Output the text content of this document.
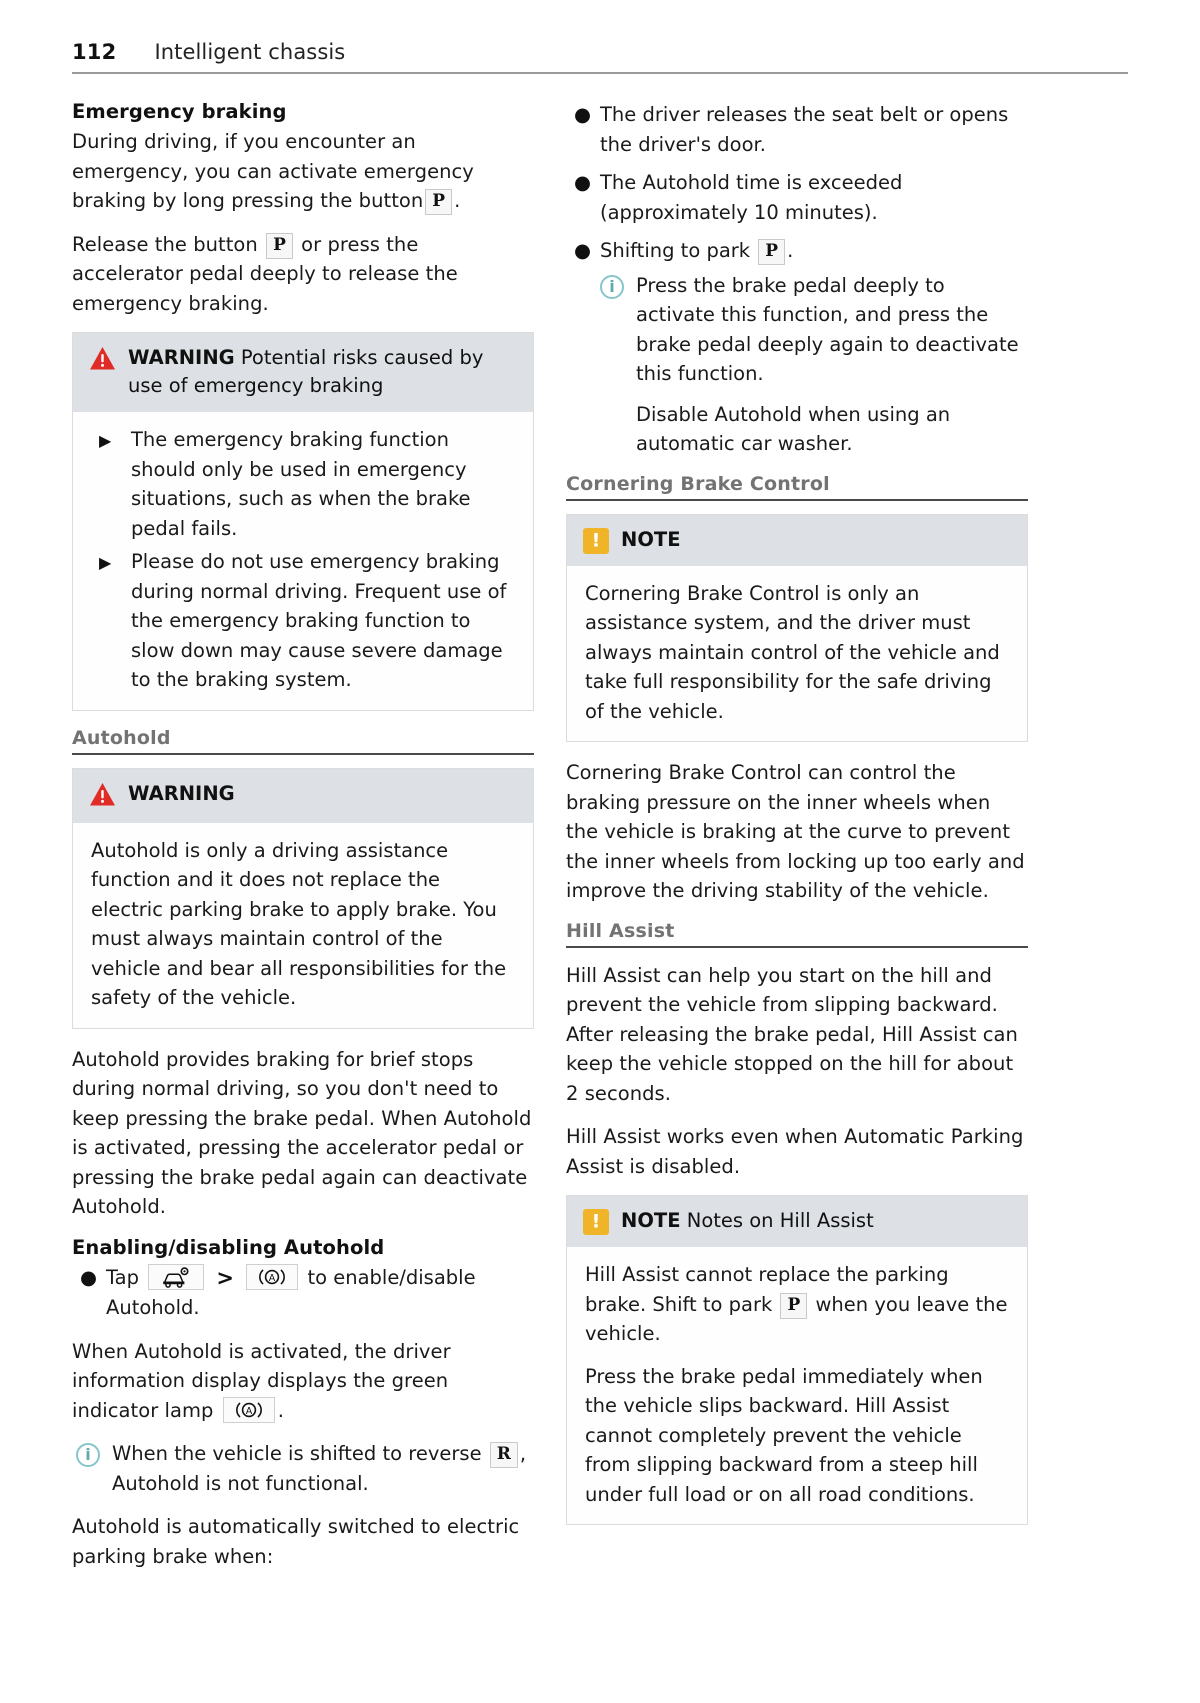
112 Intelligent chassis
Emergency braking

During driving, if you encounter an emergency, you can activate emergency braking by long pressing the button P .

Release the button P or press the accelerator pedal deeply to release the emergency braking.

WARNING Potential risks caused by use of emergency braking
▶ The emergency braking function should only be used in emergency situations, such as when the brake pedal fails.
▶ Please do not use emergency braking during normal driving. Frequent use of the emergency braking function to slow down may cause severe damage to the braking system.
Autohold
WARNING

Autohold is only a driving assistance function and it does not replace the electric parking brake to apply brake. You must always maintain control of the vehicle and bear all responsibilities for the safety of the vehicle.

Autohold provides braking for brief stops during normal driving, so you don't need to keep pressing the brake pedal. When Autohold is activated, pressing the accelerator pedal or pressing the brake pedal again can deactivate Autohold.

Enabling/disabling Autohold
● Tap	>	A to enable/disable Autohold.

When Autohold is activated, the driver information display displays the green indicator lamp	A .

i

When the vehicle is shifted to reverse R , Autohold is not functional.

Autohold is automatically switched to electric parking brake when:

● The driver releases the seat belt or opens the driver's door.
● The Autohold time is exceeded (approximately 10 minutes).
● Shifting to park P .
i

Press the brake pedal deeply to activate this function, and press the brake pedal deeply again to deactivate this function.

Disable Autohold when using an automatic car washer.

Cornering Brake Control
!
NOTE

Cornering Brake Control is only an assistance system, and the driver must always maintain control of the vehicle and take full responsibility for the safe driving of the vehicle.

Cornering Brake Control can control the braking pressure on the inner wheels when the vehicle is braking at the curve to prevent the inner wheels from locking up too early and improve the driving stability of the vehicle.

Hill Assist

Hill Assist can help you start on the hill and prevent the vehicle from slipping backward. After releasing the brake pedal, Hill Assist can keep the vehicle stopped on the hill for about 2 seconds.

Hill Assist works even when Automatic Parking Assist is disabled.

!
NOTE Notes on Hill Assist

Hill Assist cannot replace the parking brake. Shift to park P when you leave the vehicle.

Press the brake pedal immediately when the vehicle slips backward. Hill Assist cannot completely prevent the vehicle from slipping backward from a steep hill under full load or on all road conditions.
